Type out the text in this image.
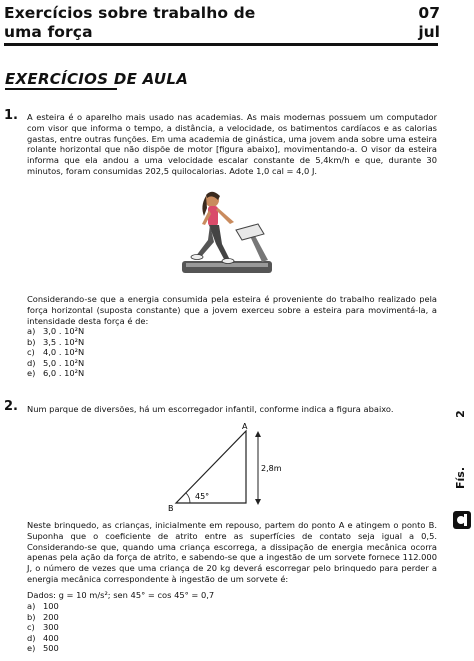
Exercícios sobre trabalho de
uma força
07
jul
EXERCÍCIOS DE AULA
1. A esteira é o aparelho mais usado nas academias. As mais modernas possuem um computador com visor que informa o tempo, a distância, a velocidade, os batimentos cardíacos e as calorias gastas, entre outras funções. Em uma academia de ginástica, uma jovem anda sobre uma esteira rolante horizontal que não dispõe de motor [figura abaixo], movimentando-a. O visor da esteira informa que ela andou a uma velocidade escalar constante de 5,4km/h e que, durante 30 minutos, foram consumidas 202,5 quilocalorias. Adote 1,0 cal = 4,0 J.
Considerando-se que a energia consumida pela esteira é proveniente do trabalho realizado pela força horizontal (suposta constante) que a jovem exerceu sobre a esteira para movimentá-la, a intensidade desta força é de:
a) 3,0 . 10²N
b) 3,5 . 10²N
c) 4,0 . 10²N
d) 5,0 . 10²N
e) 6,0 . 10²N
2. Num parque de diversões, há um escorregador infantil, conforme indica a figura abaixo.
45°
A
B
2,8m
Neste brinquedo, as crianças, inicialmente em repouso, partem do ponto A e atingem o ponto B. Suponha que o coeficiente de atrito entre as superfícies de contato seja igual a 0,5. Considerando-se que, quando uma criança escorrega, a dissipação de energia mecânica ocorra apenas pela ação da força de atrito, e sabendo-se que a ingestão de um sorvete fornece 112.000 J, o número de vezes que uma criança de 20 kg deverá escorregar pelo brinquedo para perder a energia mecânica correspondente à ingestão de um sorvete é:
Dados: g = 10 m/s²; sen 45° = cos 45° = 0,7
a) 100
b) 200
c) 300
d) 400
e) 500
2
Fís.
